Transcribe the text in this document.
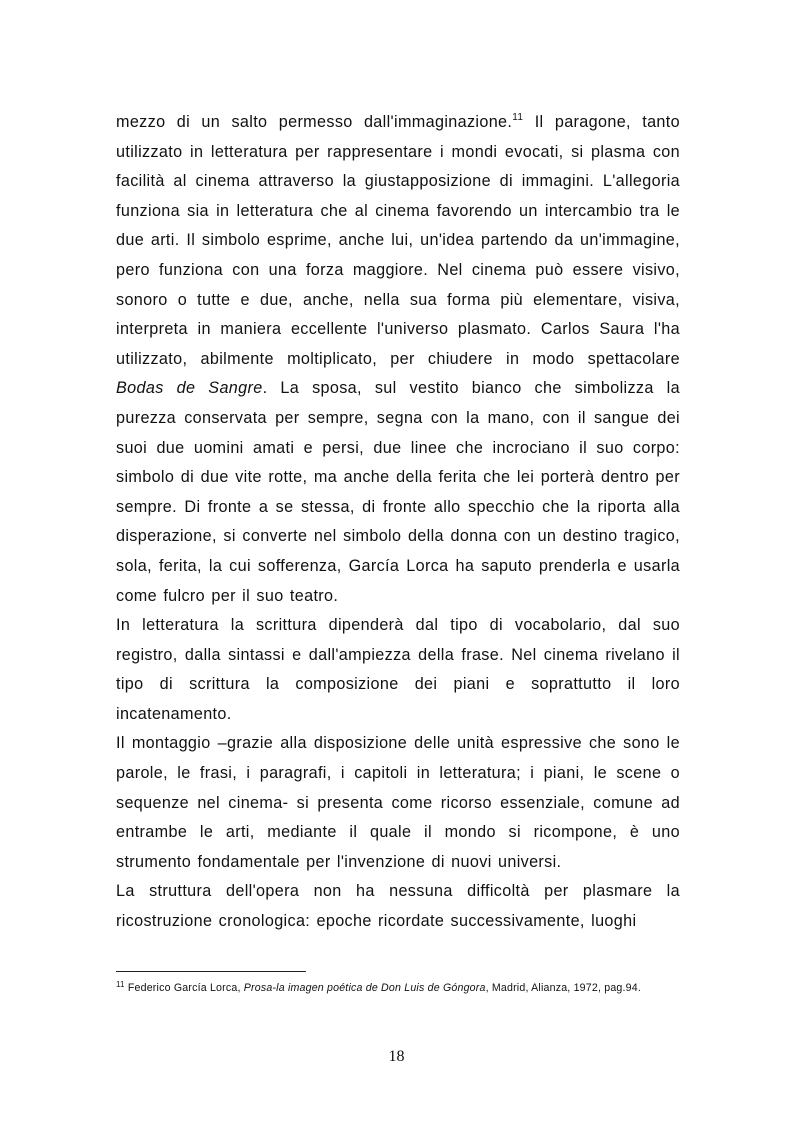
mezzo di un salto permesso dall'immaginazione.$^{11}$ Il paragone, tanto utilizzato in letteratura per rappresentare i mondi evocati, si plasma con facilità al cinema attraverso la giustapposizione di immagini. L'allegoria funziona sia in letteratura che al cinema favorendo un intercambio tra le due arti. Il simbolo esprime, anche lui, un'idea partendo da un'immagine, pero funziona con una forza maggiore. Nel cinema può essere visivo, sonoro o tutte e due, anche, nella sua forma più elementare, visiva, interpreta in maniera eccellente l'universo plasmato. Carlos Saura l'ha utilizzato, abilmente moltiplicato, per chiudere in modo spettacolare Bodas de Sangre. La sposa, sul vestito bianco che simbolizza la purezza conservata per sempre, segna con la mano, con il sangue dei suoi due uomini amati e persi, due linee che incrociano il suo corpo: simbolo di due vite rotte, ma anche della ferita che lei porterà dentro per sempre. Di fronte a se stessa, di fronte allo specchio che la riporta alla disperazione, si converte nel simbolo della donna con un destino tragico, sola, ferita, la cui sofferenza, García Lorca ha saputo prenderla e usarla come fulcro per il suo teatro.

In letteratura la scrittura dipenderà dal tipo di vocabolario, dal suo registro, dalla sintassi e dall'ampiezza della frase. Nel cinema rivelano il tipo di scrittura la composizione dei piani e soprattutto il loro incatenamento.

Il montaggio –grazie alla disposizione delle unità espressive che sono le parole, le frasi, i paragrafi, i capitoli in letteratura; i piani, le scene o sequenze nel cinema- si presenta come ricorso essenziale, comune ad entrambe le arti, mediante il quale il mondo si ricompone, è uno strumento fondamentale per l'invenzione di nuovi universi.

La struttura dell'opera non ha nessuna difficoltà per plasmare la ricostruzione cronologica: epoche ricordate successivamente, luoghi

$^{11}$ Federico García Lorca, Prosa-la imagen poética de Don Luis de Góngora, Madrid, Alianza, 1972, pag.94.
18
